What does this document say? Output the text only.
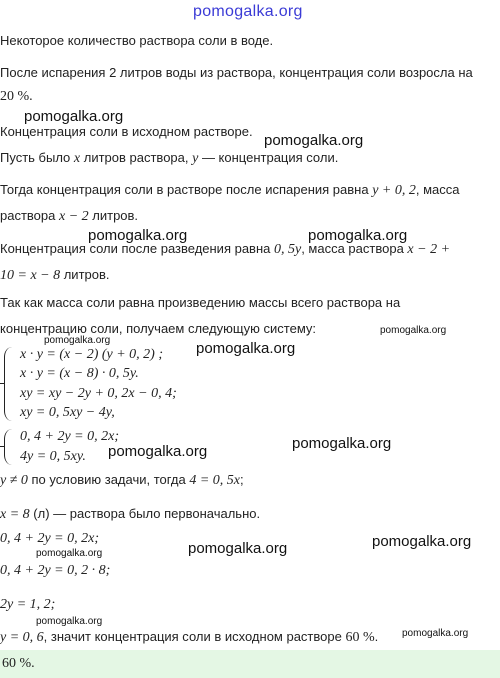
pomogalka.org
Некоторое количество раствора соли в воде.
После испарения 2 литров воды из раствора, концентрация соли возросла на
20 %.
pomogalka.org
Концентрация соли в исходном растворе.
pomogalka.org
Пусть было x литров раствора, y — концентрация соли.
Тогда концентрация соли в растворе после испарения равна y + 0, 2, масса
раствора x − 2 литров.
pomogalka.org	pomogalka.org
Концентрация соли после разведения равна 0, 5y, масса раствора x − 2 +
10 = x − 8 литров.
Так как масса соли равна произведению массы всего раствора на
концентрацию соли, получаем следующую систему:	pomogalka.org
pomogalka.org
x · y = (x − 2) (y + 0, 2) ;
x · y = (x − 8) · 0, 5y.
xy = xy − 2y + 0, 2x − 0, 4;
xy = 0, 5xy − 4y,
pomogalka.org
0, 4 + 2y = 0, 2x;
4y = 0, 5xy. pomogalka.org	pomogalka.org
y ≠ 0 по условию задачи, тогда 4 = 0, 5x;
x = 8 (л) — раствора было первоначально.
0, 4 + 2y = 0, 2x;
pomogalka.org	pomogalka.org	pomogalka.org
0, 4 + 2y = 0, 2 · 8;
2y = 1, 2;
pomogalka.org
y = 0, 6, значит концентрация соли в исходном растворе 60 %. pomogalka.org
60 %.
